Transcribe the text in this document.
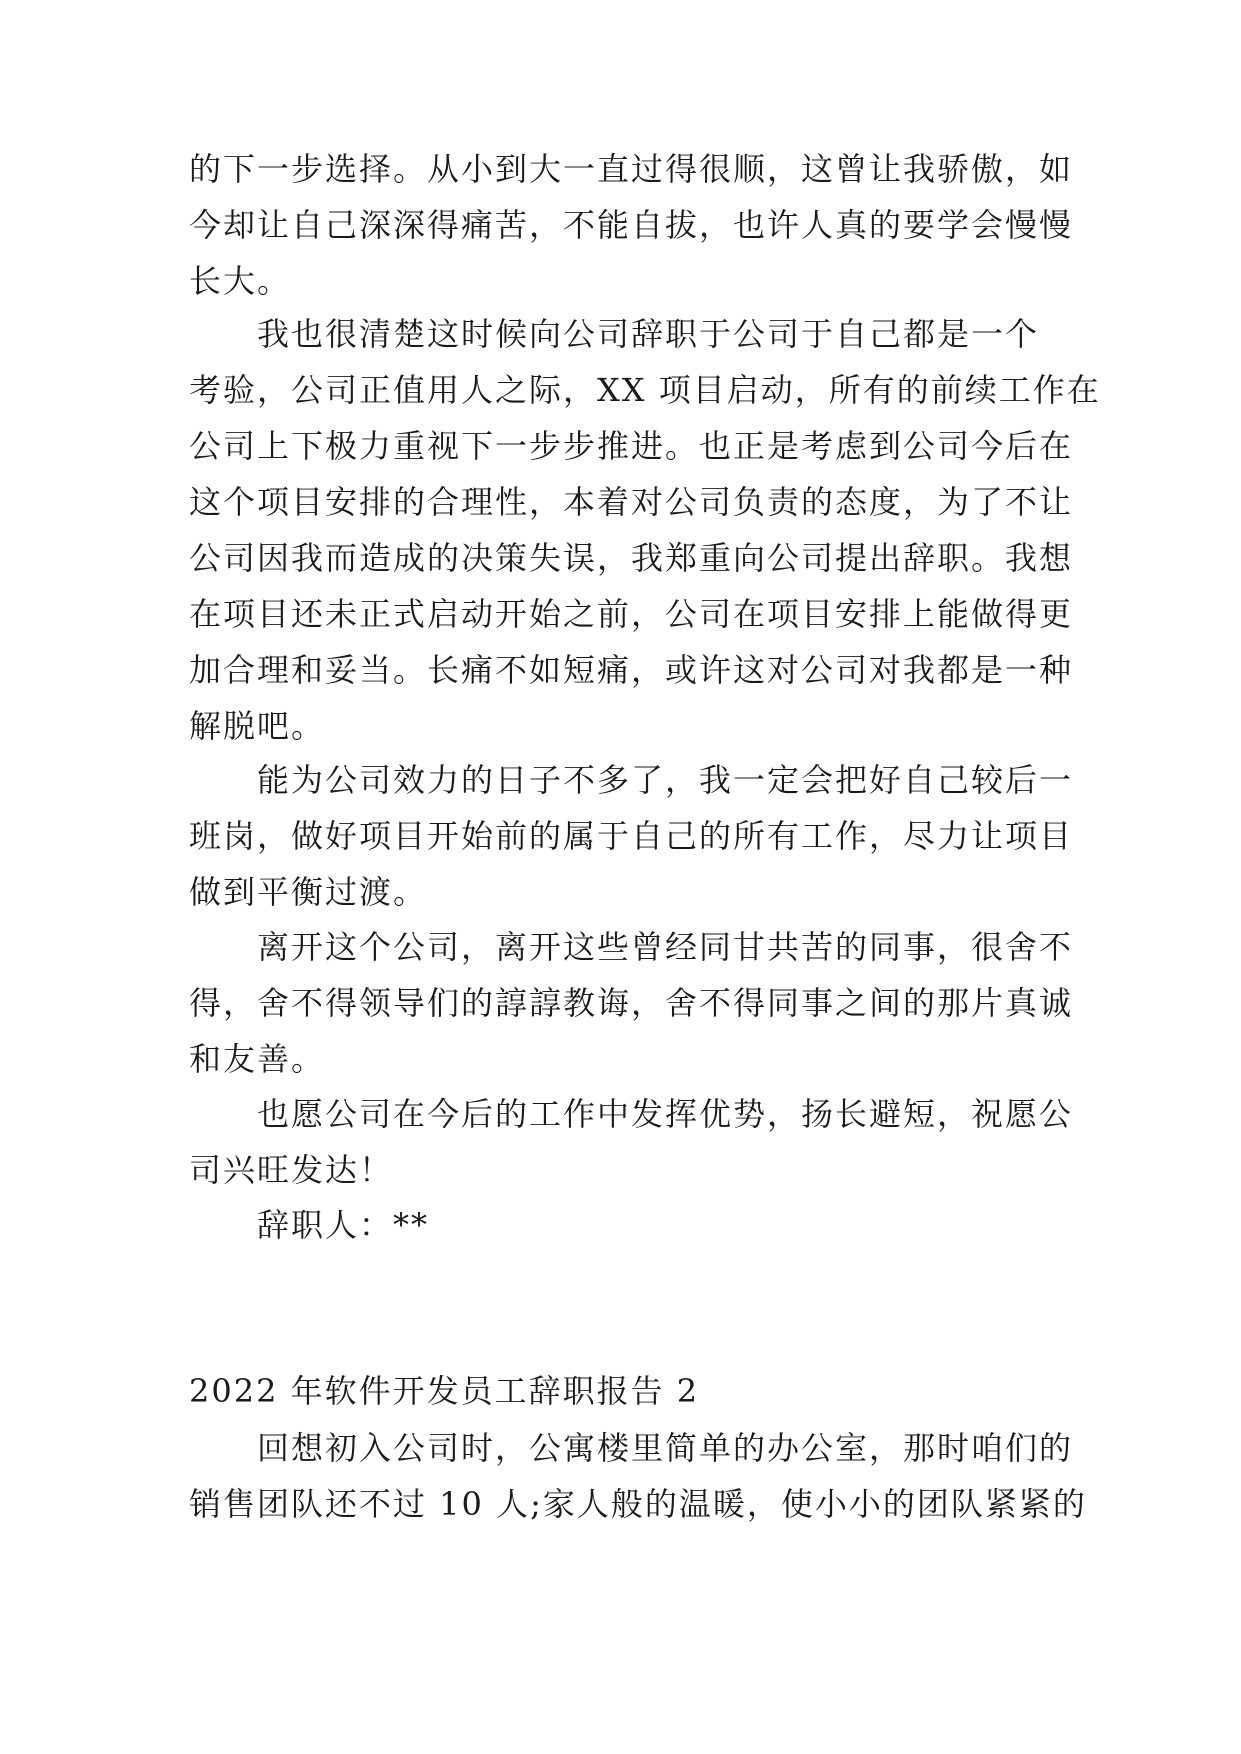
的下一步选择。从小到大一直过得很顺，这曾让我骄傲，如
今却让自己深深得痛苦，不能自拔，也许人真的要学会慢慢
长大。
我也很清楚这时候向公司辞职于公司于自己都是一个
考验，公司正值用人之际，XX 项目启动，所有的前续工作在
公司上下极力重视下一步步推进。也正是考虑到公司今后在
这个项目安排的合理性，本着对公司负责的态度，为了不让
公司因我而造成的决策失误，我郑重向公司提出辞职。我想
在项目还未正式启动开始之前，公司在项目安排上能做得更
加合理和妥当。长痛不如短痛，或许这对公司对我都是一种
解脱吧。
能为公司效力的日子不多了，我一定会把好自己较后一
班岗，做好项目开始前的属于自己的所有工作，尽力让项目
做到平衡过渡。
离开这个公司，离开这些曾经同甘共苦的同事，很舍不
得，舍不得领导们的諄諄教诲，舍不得同事之间的那片真诚
和友善。
也愿公司在今后的工作中发挥优势，扬长避短，祝愿公
司兴旺发达！
辞职人：**
2022 年软件开发员工辞职报告 2
回想初入公司时，公寓楼里简单的办公室，那时咱们的
销售团队还不过 10 人;家人般的温暖，使小小的团队紧紧的
